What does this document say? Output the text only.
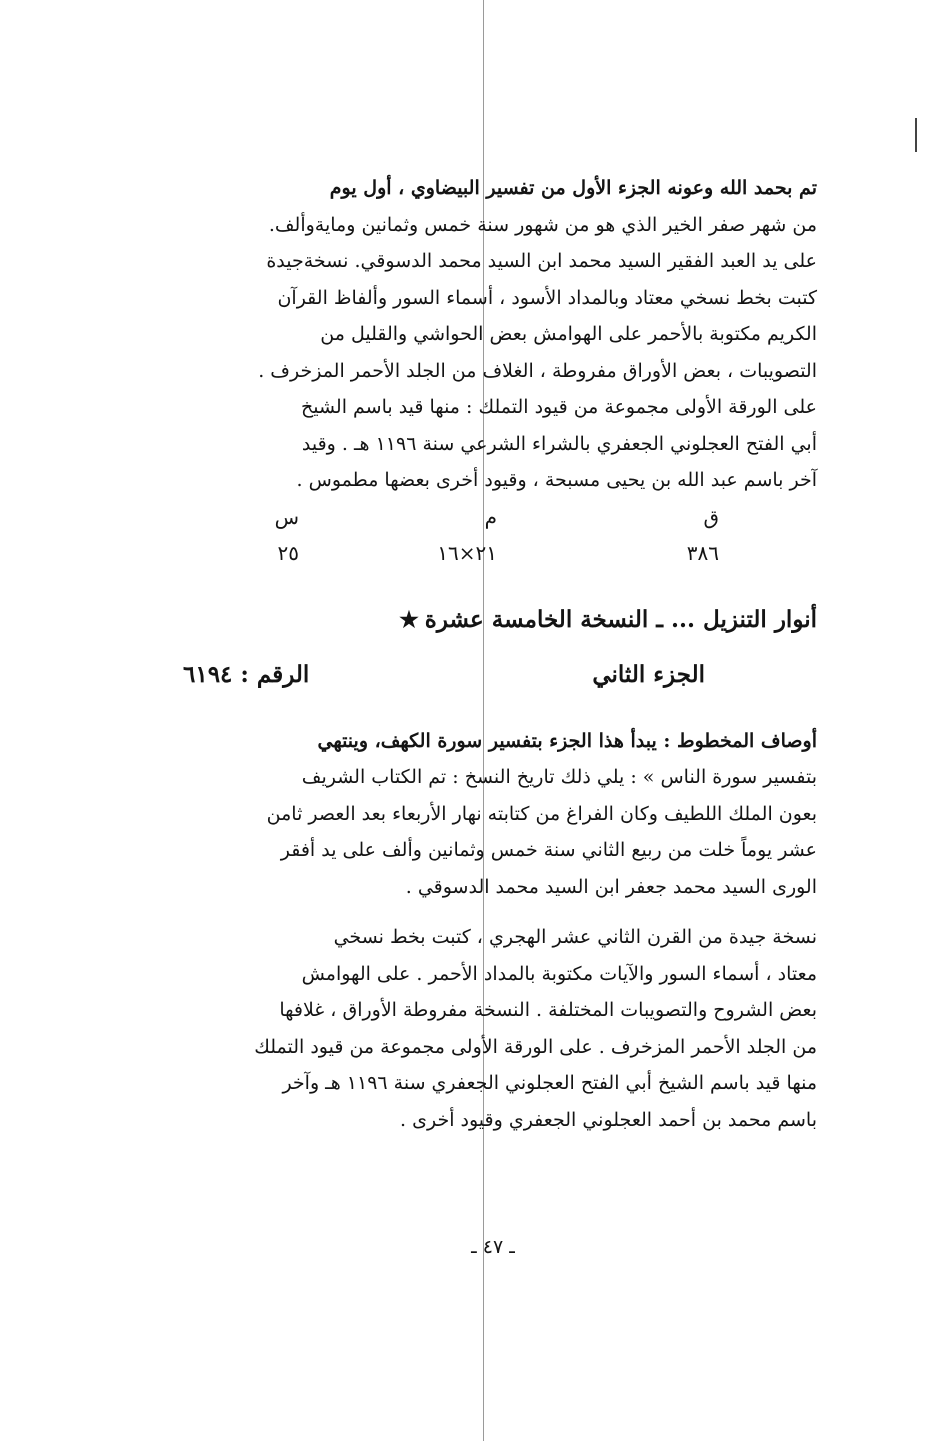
تم بحمد الله وعونه الجزء الأول من تفسير البيضاوي ، أول يوم
من شهر صفر الخير الذي هو من شهور سنة خمس وثمانين ومايةوألف.
على يد العبد الفقير السيد محمد ابن السيد محمد الدسوقي. نسخةجيدة
كتبت بخط نسخي معتاد وبالمداد الأسود ، أسماء السور وألفاظ القرآن
الكريم مكتوبة بالأحمر على الهوامش بعض الحواشي والقليل من
التصويبات ، بعض الأوراق مفروطة ، الغلاف من الجلد الأحمر المزخرف .
على الورقة الأولى مجموعة من قيود التملك : منها قيد باسم الشيخ
أبي الفتح العجلوني الجعفري بالشراء الشرعي سنة ١١٩٦ هـ . وقيد
آخر باسم عبد الله بن يحيى مسبحة ، وقيود أخرى بعضها مطموس .

ق
م
س
٣٨٦
٢١×١٦
٢٥
أنوار التنزيل ... ـ النسخة الخامسة عشرة★
الجزء الثاني
الرقم : ٦١٩٤

أوصاف المخطوط : يبدأ هذا الجزء بتفسير سورة الكهف، وينتهي
بتفسير سورة الناس » : يلي ذلك تاريخ النسخ : تم الكتاب الشريف
بعون الملك اللطيف وكان الفراغ من كتابته نهار الأربعاء بعد العصر ثامن
عشر يوماً خلت من ربيع الثاني سنة خمس وثمانين وألف على يد أفقر
الورى السيد محمد جعفر ابن السيد محمد الدسوقي .

نسخة جيدة من القرن الثاني عشر الهجري ، كتبت بخط نسخي
معتاد ، أسماء السور والآيات مكتوبة بالمداد الأحمر . على الهوامش
بعض الشروح والتصويبات المختلفة . النسخة مفروطة الأوراق ، غلافها
من الجلد الأحمر المزخرف . على الورقة الأولى مجموعة من قيود التملك
منها قيد باسم الشيخ أبي الفتح العجلوني الجعفري سنة ١١٩٦ هـ وآخر
باسم محمد بن أحمد العجلوني الجعفري وقيود أخرى .

ـ ٤٧ ـ
